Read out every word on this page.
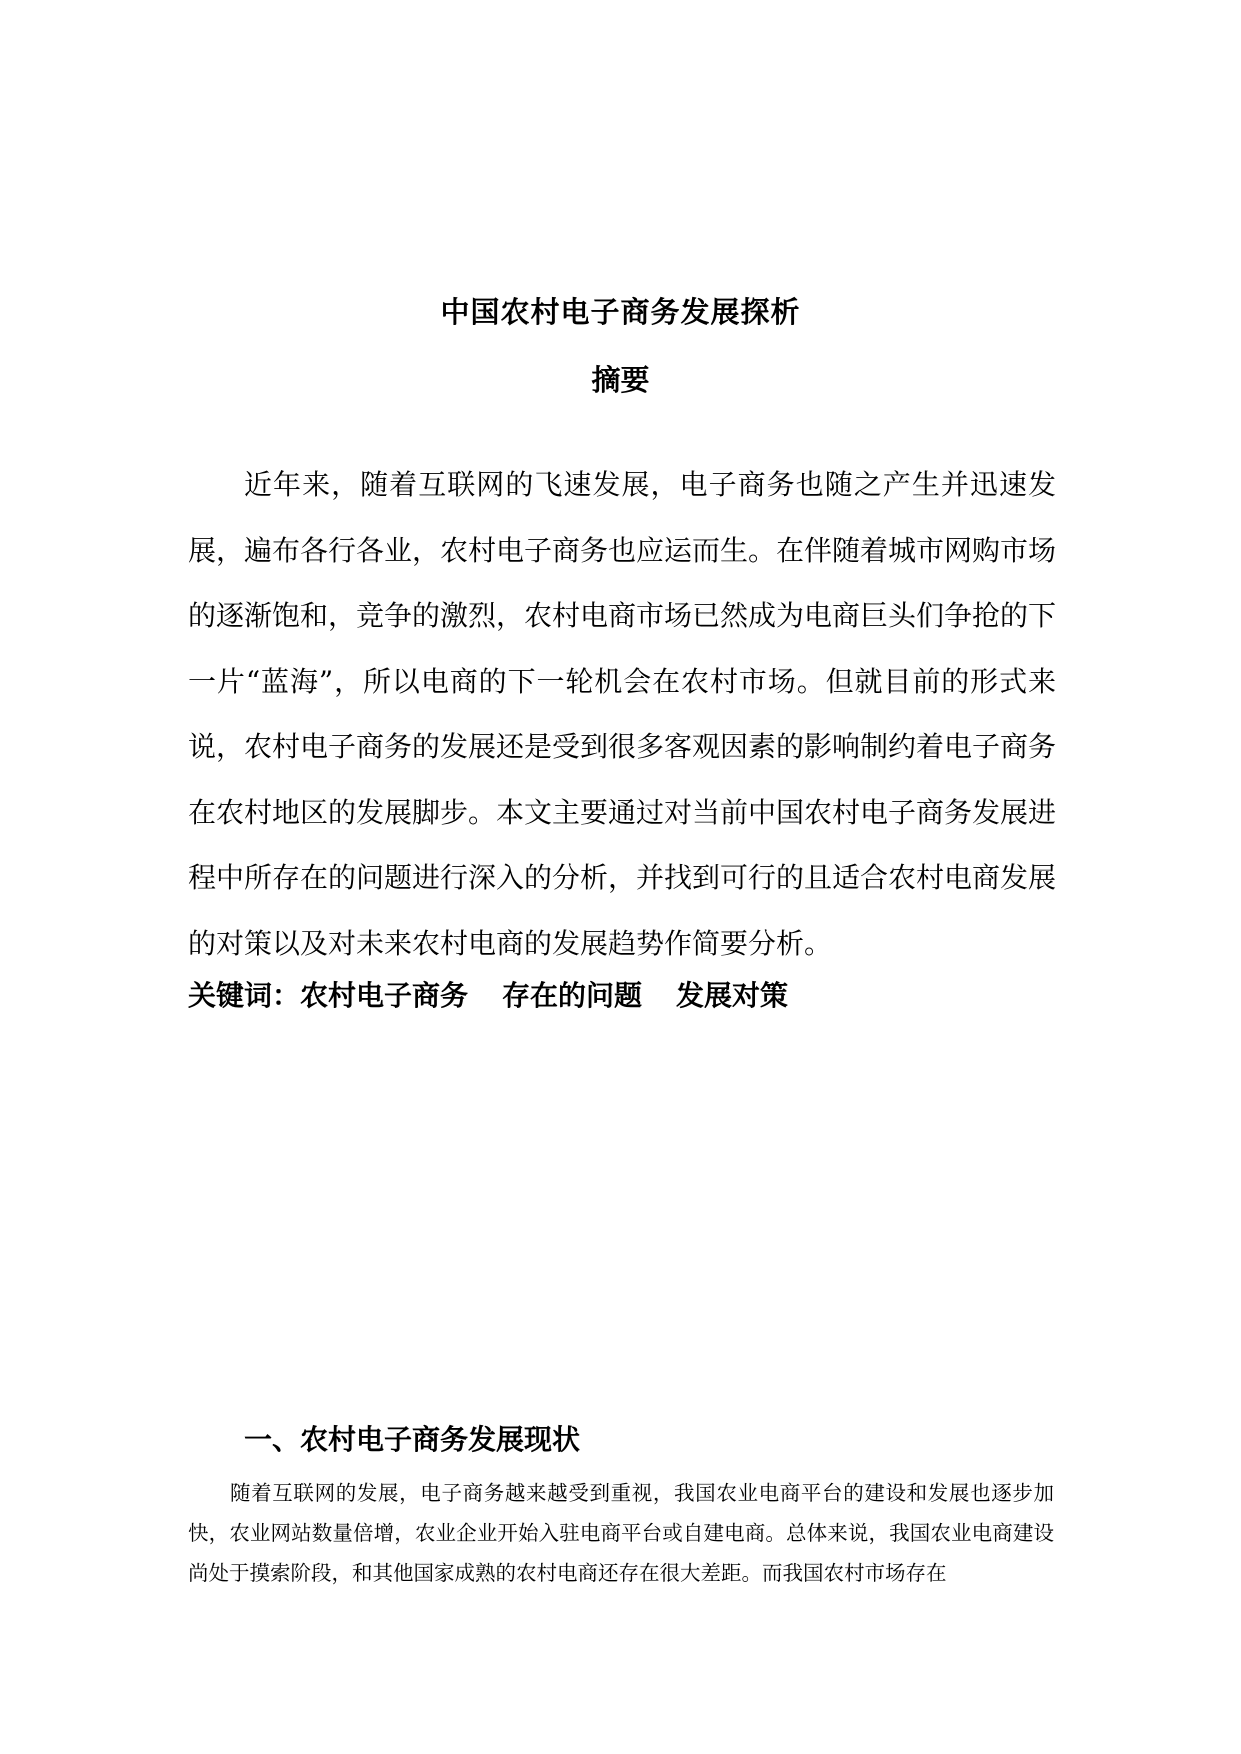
中国农村电子商务发展探析
摘要

近年来，随着互联网的飞速发展，电子商务也随之产生并迅速发展，遍布各行各业，农村电子商务也应运而生。在伴随着城市网购市场的逐渐饱和，竞争的激烈，农村电商市场已然成为电商巨头们争抢的下一片“蓝海”，所以电商的下一轮机会在农村市场。但就目前的形式来说，农村电子商务的发展还是受到很多客观因素的影响制约着电子商务在农村地区的发展脚步。本文主要通过对当前中国农村电子商务发展进程中所存在的问题进行深入的分析，并找到可行的且适合农村电商发展的对策以及对未来农村电商的发展趋势作简要分析。

关键词：农村电子商务 存在的问题 发展对策
一、农村电子商务发展现状

随着互联网的发展，电子商务越来越受到重视，我国农业电商平台的建设和发展也逐步加快，农业网站数量倍增，农业企业开始入驻电商平台或自建电商。总体来说，我国农业电商建设尚处于摸索阶段，和其他国家成熟的农村电商还存在很大差距。而我国农村市场存在
